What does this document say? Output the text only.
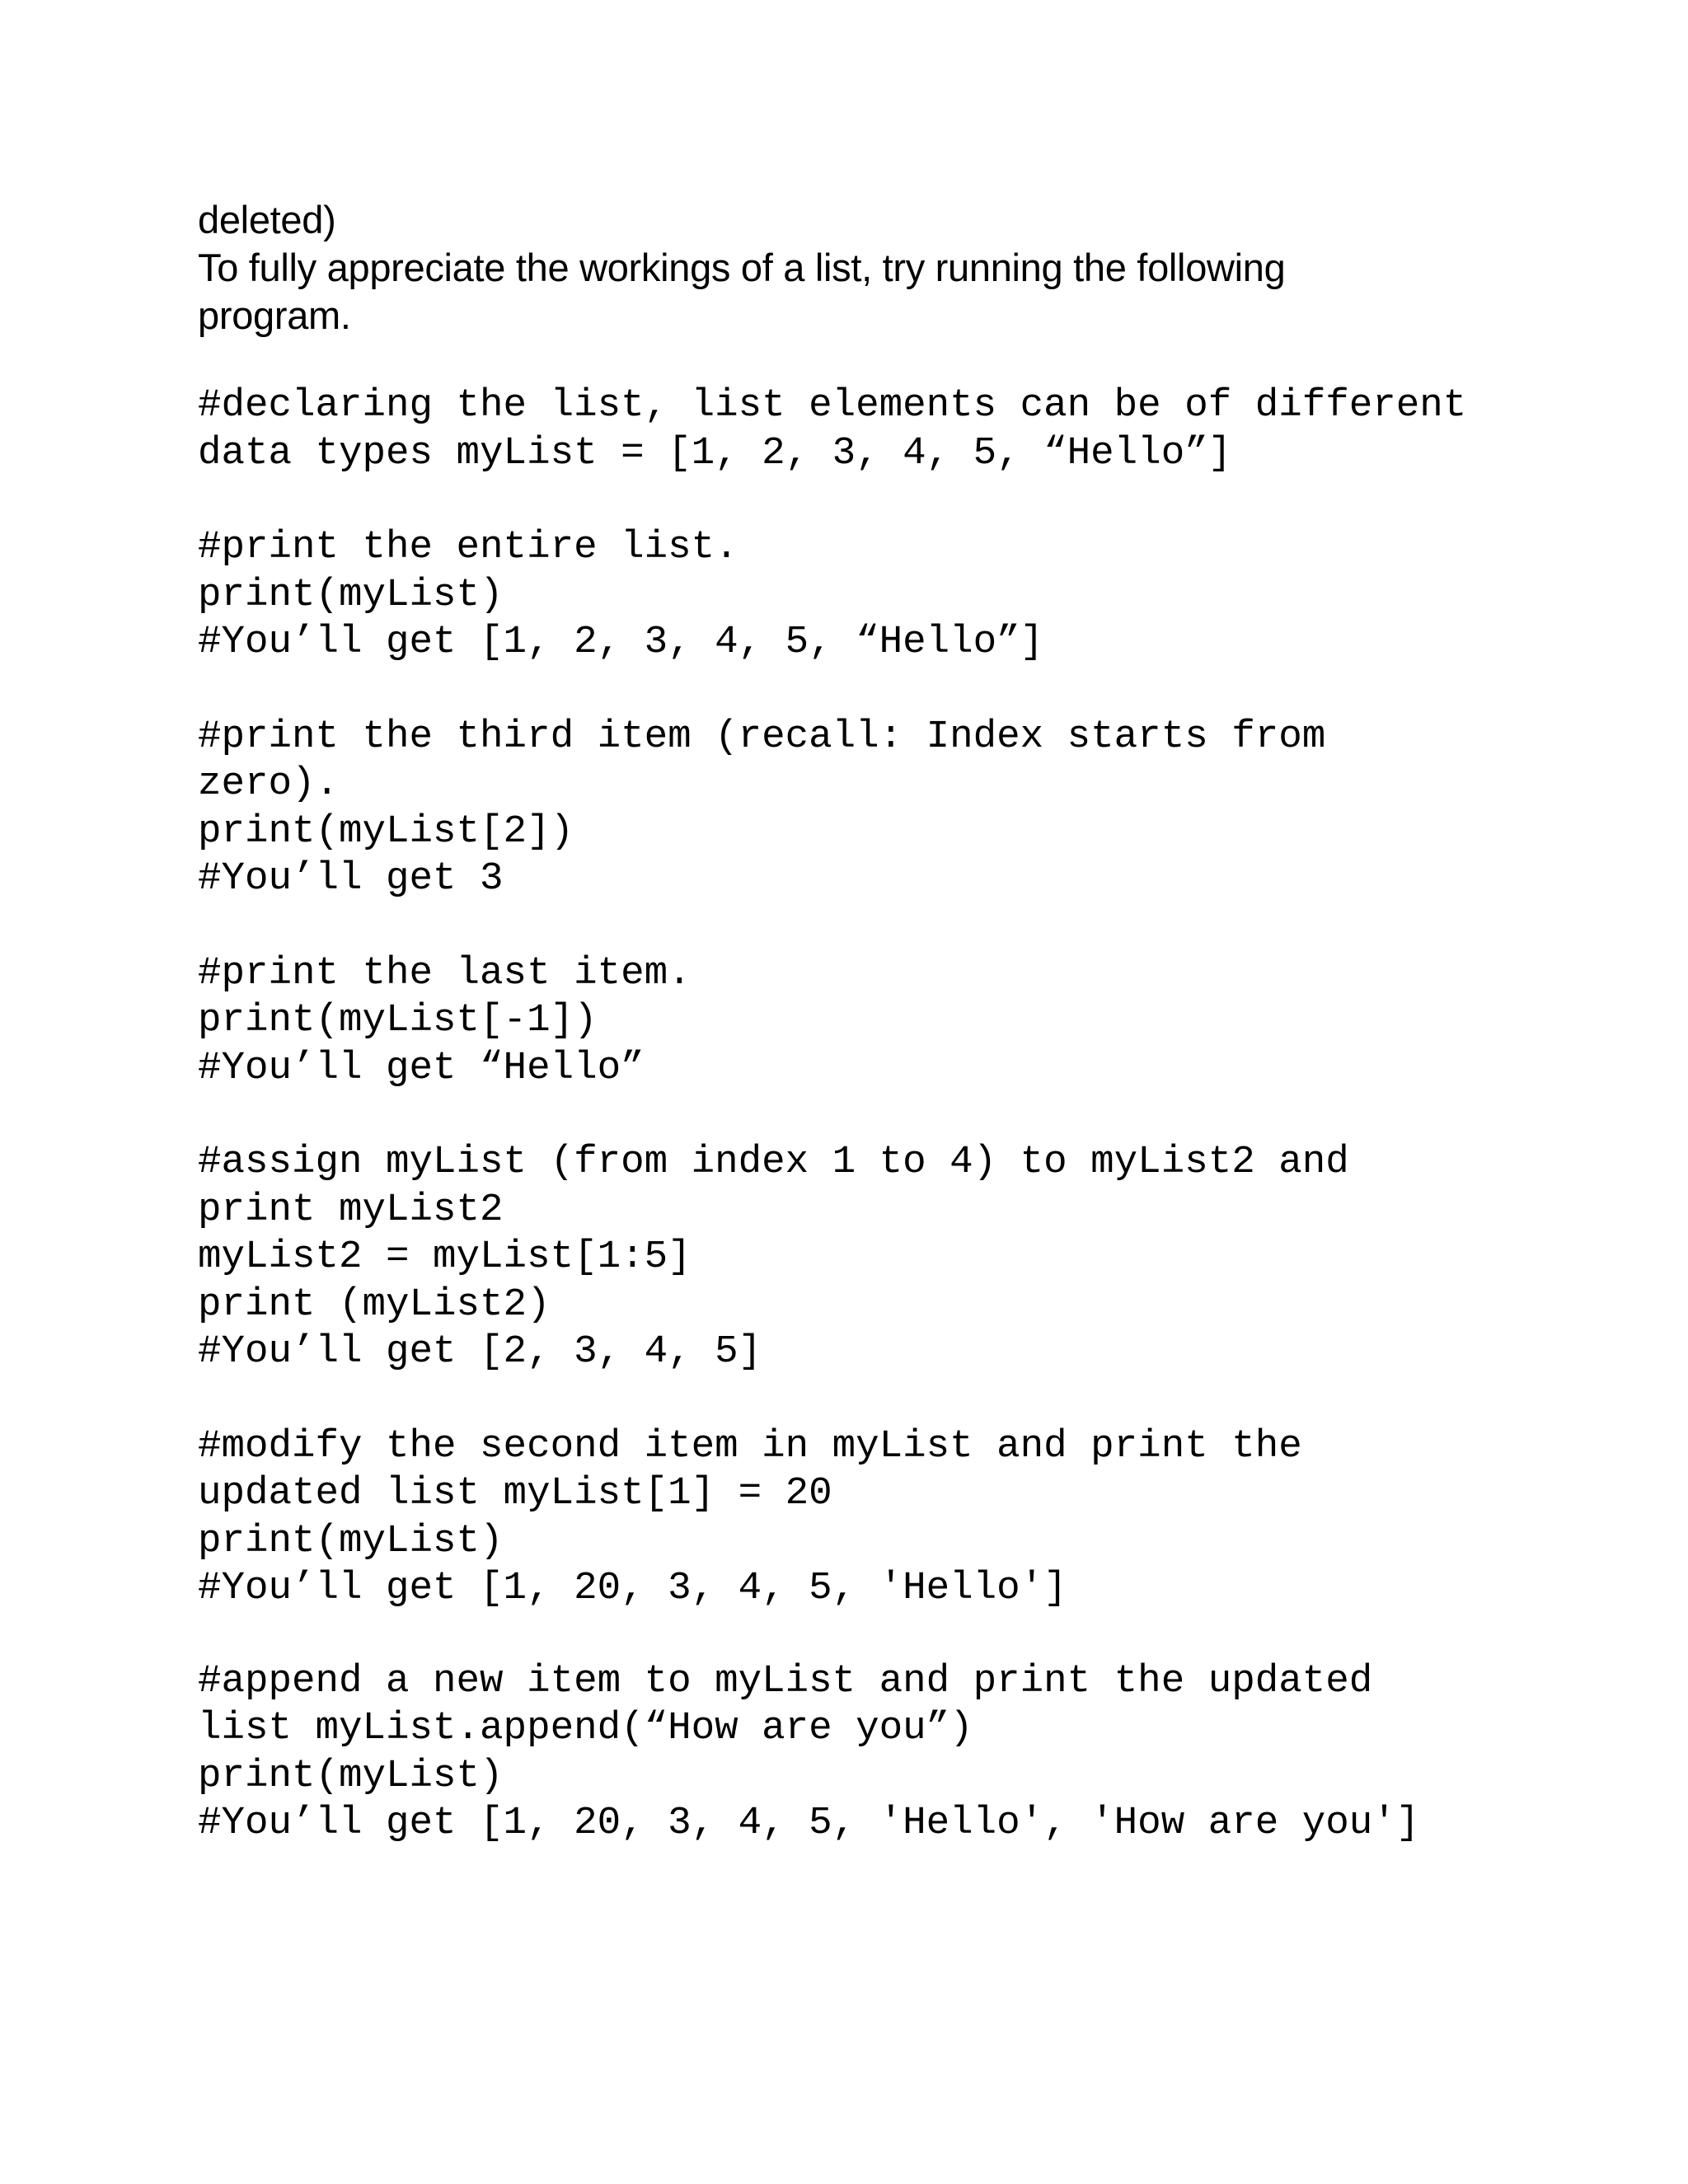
deleted)
To fully appreciate the workings of a list, try running the following
program.
#declaring the list, list elements can be of different
data types myList = [1, 2, 3, 4, 5, “Hello”]
#print the entire list.
print(myList)
#You’ll get [1, 2, 3, 4, 5, “Hello”]
#print the third item (recall: Index starts from
zero).
print(myList[2])
#You’ll get 3
#print the last item.
print(myList[-1])
#You’ll get “Hello”
#assign myList (from index 1 to 4) to myList2 and
print myList2
myList2 = myList[1:5]
print (myList2)
#You’ll get [2, 3, 4, 5]
#modify the second item in myList and print the
updated list myList[1] = 20
print(myList)
#You’ll get [1, 20, 3, 4, 5, 'Hello']
#append a new item to myList and print the updated
list myList.append(“How are you”)
print(myList)
#You’ll get [1, 20, 3, 4, 5, 'Hello', 'How are you']
